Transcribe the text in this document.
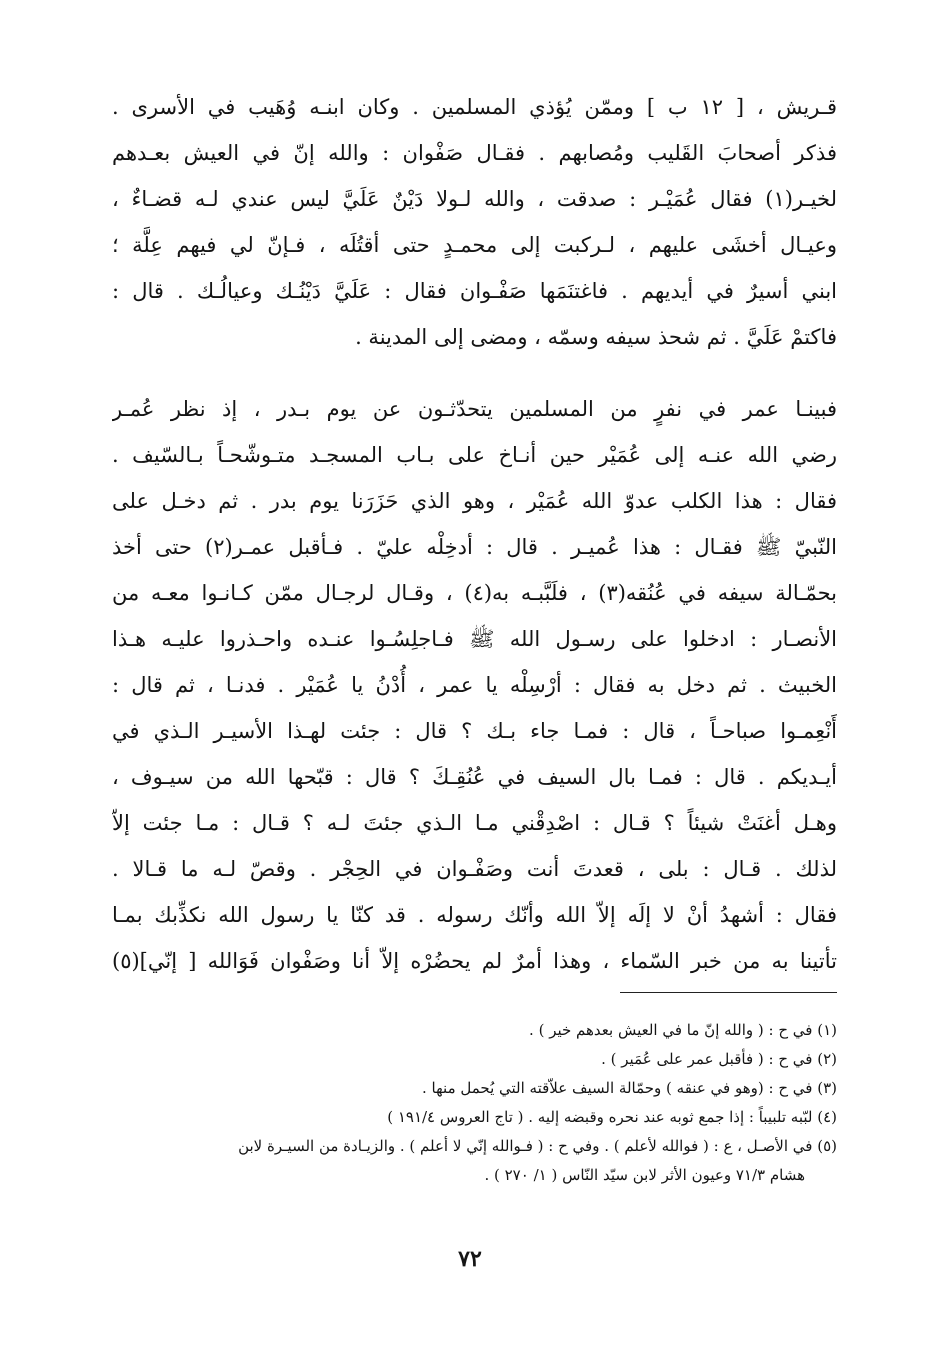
قـريش ، [ ١٢ ب ] وممّن يُؤذي المسلمين . وكان ابنـه وُهَيب في الأسرى .
فذكر أصحابَ القَليب ومُصابهم . فقـال صَفْوان : والله إنّ في العيش بعـدهم
لخيـر(١) فقال عُمَيْـر : صدقت ، والله لـولا دَيْنٌ عَلَيَّ ليس عندي لـه قضـاءٌ ،
وعيـال أخشَى عليهم ، لـركبت إلى محمـدٍ حتى أقتُلَه ، فـإنّ لي فيهم عِلَّة ؛
ابني أسيرٌ في أيديهم . فاغتنَمَها صَفْـوان فقال : عَلَيَّ دَيْنُـك وعيالُـك . قال :
فاكتمْ عَلَيَّ . ثم شحذ سيفه وسمّه ، ومضى إلى المدينة .
فبينـا عمر في نفرٍ من المسلمين يتحدّثـون عن يوم بـدر ، إذ نظر عُمـر
رضي الله عنـه إلى عُمَيْر حين أنـاخ على بـاب المسجـد متـوشّحـاً بـالسّيف .
فقال : هذا الكلب عدوّ الله عُمَيْر ، وهو الذي حَزَرَنا يوم بدر . ثم دخـل على
النّبيّ ﷺ فقـال : هذا عُميـر . قال : أدخِلْه عليّ . فـأقبل عمـر(٢) حتى أخذ
بحمّـالة سيفه في عُنُقه(٣) ، فلَبَّبـه به(٤) ، وقـال لرجـال ممّن كـانـوا معـه من
الأنصـار : ادخلوا على رسـول الله ﷺ فـاجلِسُـوا عنـده واحـذروا عليـه هـذا
الخبيث . ثم دخل به فقال : أرْسِلْه يا عمر ، أُدْنُ يا عُمَيْر . فدنـا ، ثم قال :
أَنْعِمـوا صباحـاً ، قال : فمـا جاء بـك ؟ قال : جئت لهـذا الأسيـر الـذي في
أيـديكم . قال : فمـا بال السيف في عُنُقِـكَ ؟ قال : قبّحها الله من سيـوف ،
وهـل أغنَتْ شيئاً ؟ قـال : اصْدِقْني مـا الـذي جئتَ لـه ؟ قـال : مـا جئت إلاّ
لذلك . قـال : بلى ، قعدتَ أنت وصَفْـوان في الحِجْر . وقصّ لـه ما قـالا .
فقال : أشهدُ أنْ لا إلَه إلاّ الله وأنّك رسوله . قد كنّا يا رسول الله نكذِّبك بمـا
تأتينا به من خبر السّماء ، وهذا أمرٌ لم يحضُرْه إلاّ أنا وصَفْوان فَوَالله [ إنّي](٥)
(١) في ح : ( والله إنّ ما في العيش بعدهم خير ) .
(٢) في ح : ( فأقبل عمر على عُمَير ) .
(٣) في ح : (وهو في عنقه ) وحمّالة السيف علاّقته التي يُحمل منها .
(٤) لبّبه تلبيباً : إذا جمع ثوبه عند نحره وقبضه إليه . ( تاج العروس ١٩١/٤ )
(٥) في الأصـل ، ع : ( فوالله لأعلم ) . وفي ح : ( فـوالله إنّي لا أعلم ) . والزيـادة من السيـرة لابن
هشام ٧١/٣ وعيون الأثر لابن سيّد النّاس ( ١/ ٢٧٠ ) .
٧٢
